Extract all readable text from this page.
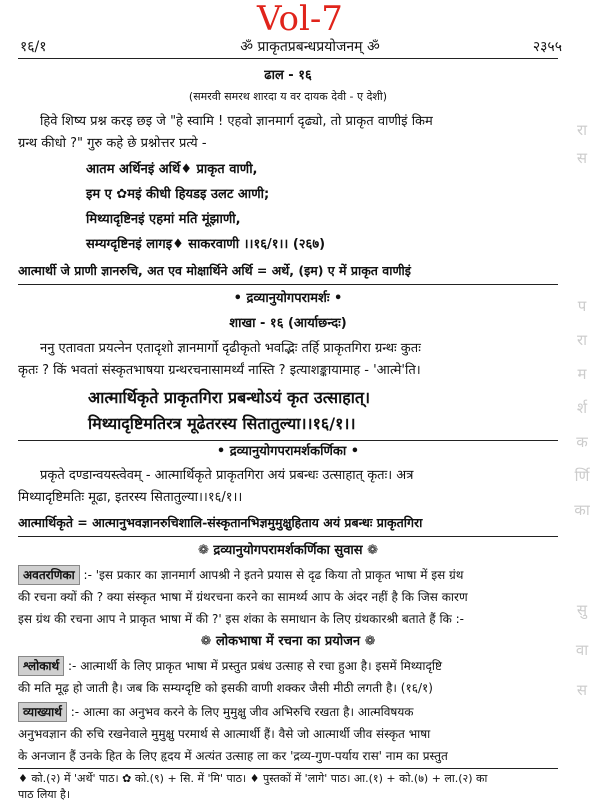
Vol-7
१६/१	ॐ प्राकृतप्रबन्धप्रयोजनम् ॐ	२३५५
ढाल - १६
(समरवी समरथ शारदा य वर दायक देवी - ए देशी)
हिवे शिष्य प्रश्न करइ छइ जे "हे स्वामि ! एहवो ज्ञानमार्ग दृढ्यो, तो प्राकृत वाणीइं किम
ग्रन्थ कीधो ?" गुरु कहे छे प्रश्नोत्तर प्रत्ये -
आतम अर्थिनइं अर्थि♦ प्राकृत वाणी,
इम ए ✿मइं कीधी हियडइ उलट आणी;
मिथ्यादृष्टिनइं एहमां मति मूंझाणी,
सम्यग्दृष्टिनइं लागइ♦ साकरवाणी ।।१६/१।। (२६७)
आत्मार्थी जे प्राणी ज्ञानरुचि, अत एव मोक्षार्थिने अर्थि = अर्थे, (इम) ए में प्राकृत वाणीइं
• द्रव्यानुयोगपरामर्शः •
शाखा - १६ (आर्याछन्दः)
ननु एतावता प्रयत्नेन एतादृशो ज्ञानमार्गो दृढीकृतो भवद्भिः तर्हि प्राकृतगिरा ग्रन्थः कुतः
कृतः ? किं भवतां संस्कृतभाषया ग्रन्थरचनासामर्थ्यं नास्ति ? इत्याशङ्कायामाह - 'आत्मे'ति।
आत्मार्थिकृते प्राकृतगिरा प्रबन्धोऽयं कृत उत्साहात्।
मिथ्यादृष्टिमतिरत्र मूढेतरस्य सितातुल्या।।१६/१।।
• द्रव्यानुयोगपरामर्शकर्णिका •
प्रकृते दण्डान्वयस्त्वेवम् - आत्मार्थिकृते प्राकृतगिरा अयं प्रबन्धः उत्साहात् कृतः। अत्र
मिथ्यादृष्टिमतिः मूढा, इतरस्य सितातुल्या।।१६/१।।
आत्मार्थिकृते = आत्मानुभवज्ञानरुचिशालि-संस्कृतानभिज्ञमुमुक्षुहिताय अयं प्रबन्धः प्राकृतगिरा
❁ द्रव्यानुयोगपरामर्शकर्णिका सुवास ❁
अवतरणिका :- 'इस प्रकार का ज्ञानमार्ग आपश्री ने इतने प्रयास से दृढ किया तो प्राकृत भाषा में इस ग्रंथ
की रचना क्यों की ? क्या संस्कृत भाषा में ग्रंथरचना करने का सामर्थ्य आप के अंदर नहीं है कि जिस कारण
इस ग्रंथ की रचना आप ने प्राकृत भाषा में की ?' इस शंका के समाधान के लिए ग्रंथकारश्री बताते हैं कि :-
❁ लोकभाषा में रचना का प्रयोजन ❁
श्लोकार्थ :- आत्मार्थी के लिए प्राकृत भाषा में प्रस्तुत प्रबंध उत्साह से रचा हुआ है। इसमें मिथ्यादृष्टि
की मति मूढ़ हो जाती है। जब कि सम्यग्दृष्टि को इसकी वाणी शक्कर जैसी मीठी लगती है। (१६/१)
व्याख्यार्थ :- आत्मा का अनुभव करने के लिए मुमुक्षु जीव अभिरुचि रखता है। आत्मविषयक
अनुभवज्ञान की रुचि रखनेवाले मुमुक्षु परमार्थ से आत्मार्थी हैं। वैसे जो आत्मार्थी जीव संस्कृत भाषा
के अनजान हैं उनके हित के लिए हृदय में अत्यंत उत्साह ला कर 'द्रव्य-गुण-पर्याय रास' नाम का प्रस्तुत
♦ को.(२) में 'अर्थे' पाठ। ✿ को.(९) + सि. में 'मि' पाठ। ♦ पुस्तकों में 'लागे' पाठ। आ.(१) + को.(७) + ला.(२) का
पाठ लिया है।
रा
स
प
रा
म
र्श
क
र्णि
का
सु
वा
स
